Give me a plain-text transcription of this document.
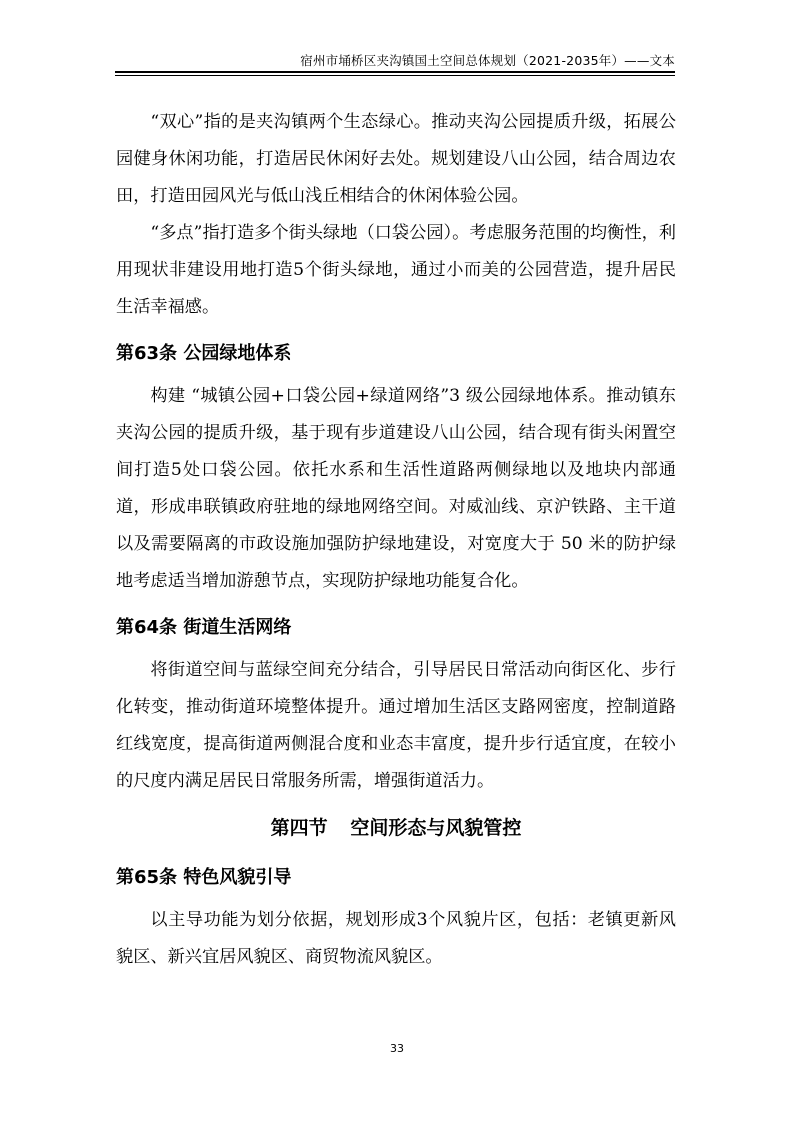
宿州市埇桥区夹沟镇国土空间总体规划（2021-2035年）——文本

“双心”指的是夹沟镇两个生态绿心。推动夹沟公园提质升级，拓展公园健身休闲功能，打造居民休闲好去处。规划建设八山公园，结合周边农田，打造田园风光与低山浅丘相结合的休闲体验公园。

“多点”指打造多个街头绿地（口袋公园）。考虑服务范围的均衡性，利用现状非建设用地打造5个街头绿地，通过小而美的公园营造，提升居民生活幸福感。

第63条 公园绿地体系

构建 “城镇公园+口袋公园+绿道网络”3 级公园绿地体系。推动镇东夹沟公园的提质升级，基于现有步道建设八山公园，结合现有街头闲置空间打造5处口袋公园。依托水系和生活性道路两侧绿地以及地块内部通道，形成串联镇政府驻地的绿地网络空间。对威汕线、京沪铁路、主干道以及需要隔离的市政设施加强防护绿地建设，对宽度大于 50 米的防护绿地考虑适当增加游憩节点，实现防护绿地功能复合化。

第64条 街道生活网络

将街道空间与蓝绿空间充分结合，引导居民日常活动向街区化、步行化转变，推动街道环境整体提升。通过增加生活区支路网密度，控制道路红线宽度，提高街道两侧混合度和业态丰富度，提升步行适宜度，在较小的尺度内满足居民日常服务所需，增强街道活力。

第四节 空间形态与风貌管控
第65条 特色风貌引导

以主导功能为划分依据，规划形成3个风貌片区，包括：老镇更新风貌区、新兴宜居风貌区、商贸物流风貌区。

33
